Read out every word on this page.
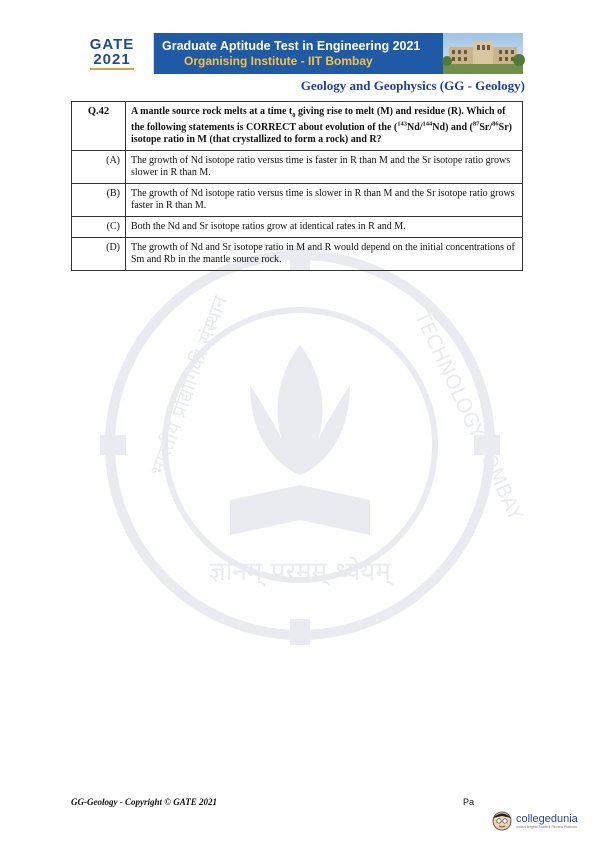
GATE
2021
Graduate Aptitude Test in Engineering 2021
Organising Institute - IIT Bombay
Geology and Geophysics (GG - Geology)
ज्ञानम् परमम् ध्येयम्
भारतीय प्रौद्योगिकी संस्थान	TECHNOLOGY BOMBAY
Q.42	A mantle source rock melts at a time $t_0$ giving rise to melt (M) and residue (R). Which of the following statements is CORRECT about evolution of the ($^{143}$Nd/$^{144}$Nd) and ($^{87}$Sr/$^{86}$Sr) isotope ratio in M (that crystallized to form a rock) and R?
(A)	The growth of Nd isotope ratio versus time is faster in R than M and the Sr isotope ratio grows slower in R than M.
(B)	The growth of Nd isotope ratio versus time is slower in R than M and the Sr isotope ratio grows faster in R than M.
(C)	Both the Nd and Sr isotope ratios grow at identical rates in R and M.
(D)	The growth of Nd and Sr isotope ratio in M and R would depend on the initial concentrations of Sm and Rb in the mantle source rock.
GG-Geology - Copyright © GATE 2021	Pa
collegedunia
India's largest Student Review Platform
